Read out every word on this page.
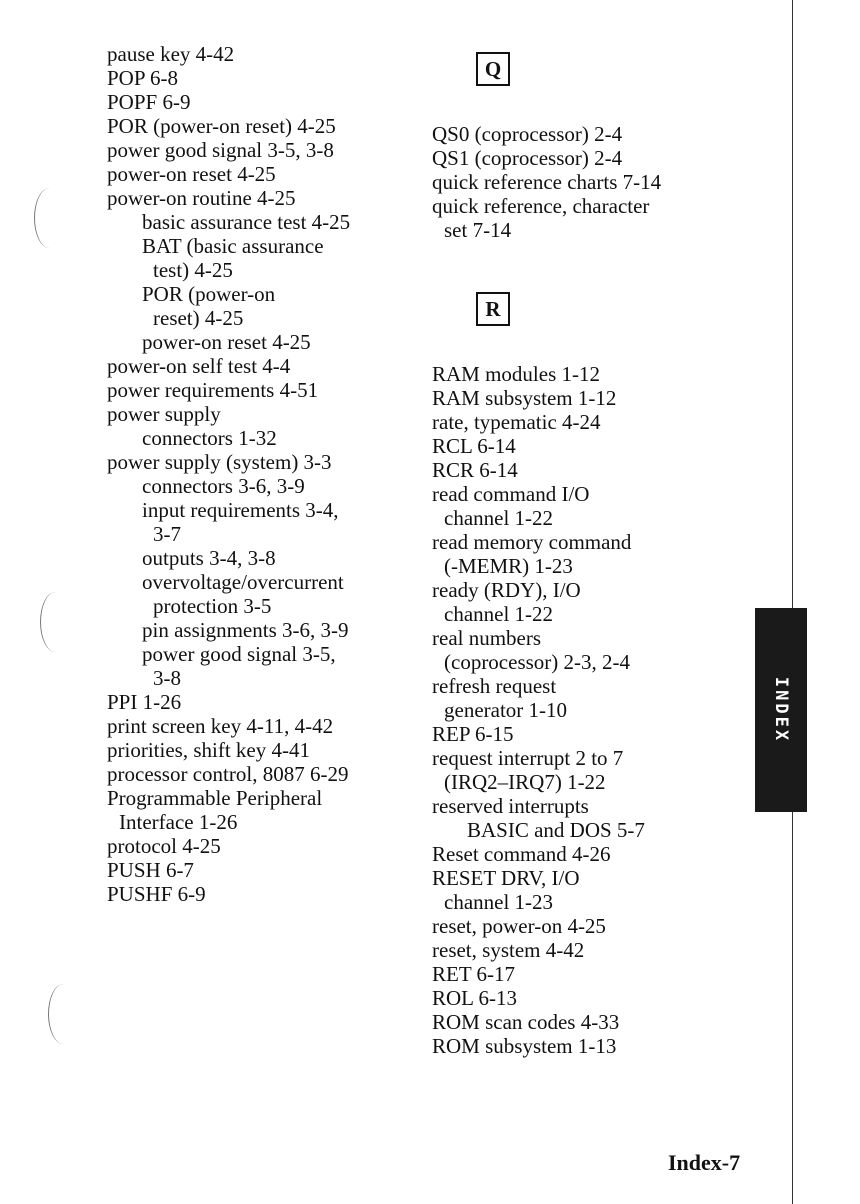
pause key 4-42
POP 6-8
POPF 6-9
POR (power-on reset) 4-25
power good signal 3-5, 3-8
power-on reset 4-25
power-on routine 4-25
basic assurance test 4-25
BAT (basic assurance
test) 4-25
POR (power-on
reset) 4-25
power-on reset 4-25
power-on self test 4-4
power requirements 4-51
power supply
connectors 1-32
power supply (system) 3-3
connectors 3-6, 3-9
input requirements 3-4,
3-7
outputs 3-4, 3-8
overvoltage/overcurrent
protection 3-5
pin assignments 3-6, 3-9
power good signal 3-5,
3-8
PPI 1-26
print screen key 4-11, 4-42
priorities, shift key 4-41
processor control, 8087 6-29
Programmable Peripheral
Interface 1-26
protocol 4-25
PUSH 6-7
PUSHF 6-9
Q
QS0 (coprocessor) 2-4
QS1 (coprocessor) 2-4
quick reference charts 7-14
quick reference, character
set 7-14
R
RAM modules 1-12
RAM subsystem 1-12
rate, typematic 4-24
RCL 6-14
RCR 6-14
read command I/O
channel 1-22
read memory command
(-MEMR) 1-23
ready (RDY), I/O
channel 1-22
real numbers
(coprocessor) 2-3, 2-4
refresh request
generator 1-10
REP 6-15
request interrupt 2 to 7
(IRQ2–IRQ7) 1-22
reserved interrupts
BASIC and DOS 5-7
Reset command 4-26
RESET DRV, I/O
channel 1-23
reset, power-on 4-25
reset, system 4-42
RET 6-17
ROL 6-13
ROM scan codes 4-33
ROM subsystem 1-13
INDEX
Index-7
